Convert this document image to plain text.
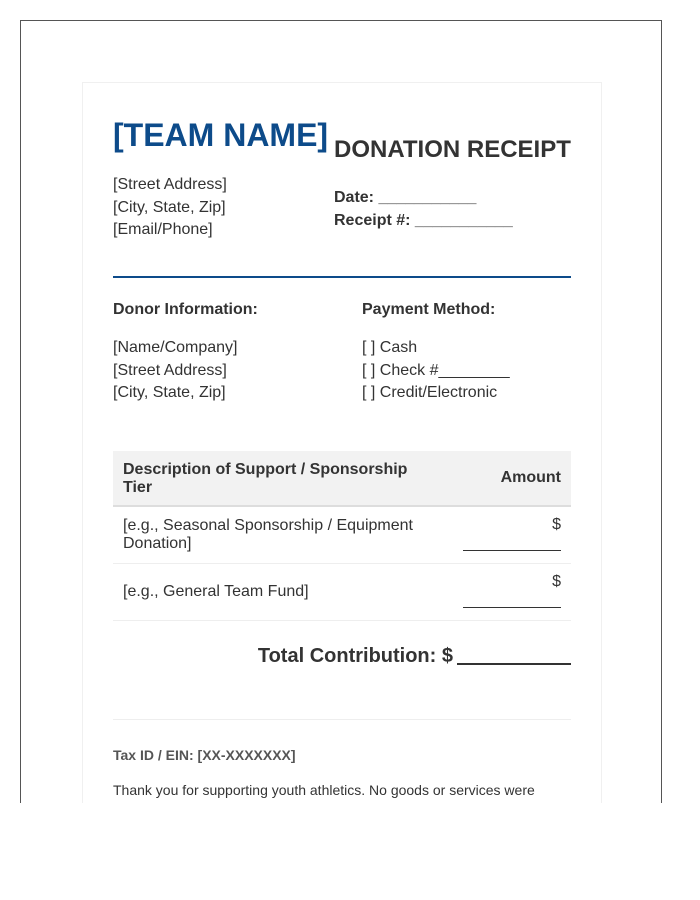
[TEAM NAME] DONATION RECEIPT
[Street Address]
[City, State, Zip]
[Email/Phone]
Date: ___________
Receipt #: ___________
Donor Information:	Payment Method:
[Name/Company]
[Street Address]
[City, State, Zip]
[ ] Cash
[ ] Check #________
[ ] Credit/Electronic
Description of Support / Sponsorship Tier
Amount
[e.g., Seasonal Sponsorship / Equipment Donation]
$
[e.g., General Team Fund]
$
Total Contribution: $
Tax ID / EIN: [XX-XXXXXXX]
Thank you for supporting youth athletics. No goods or services were
